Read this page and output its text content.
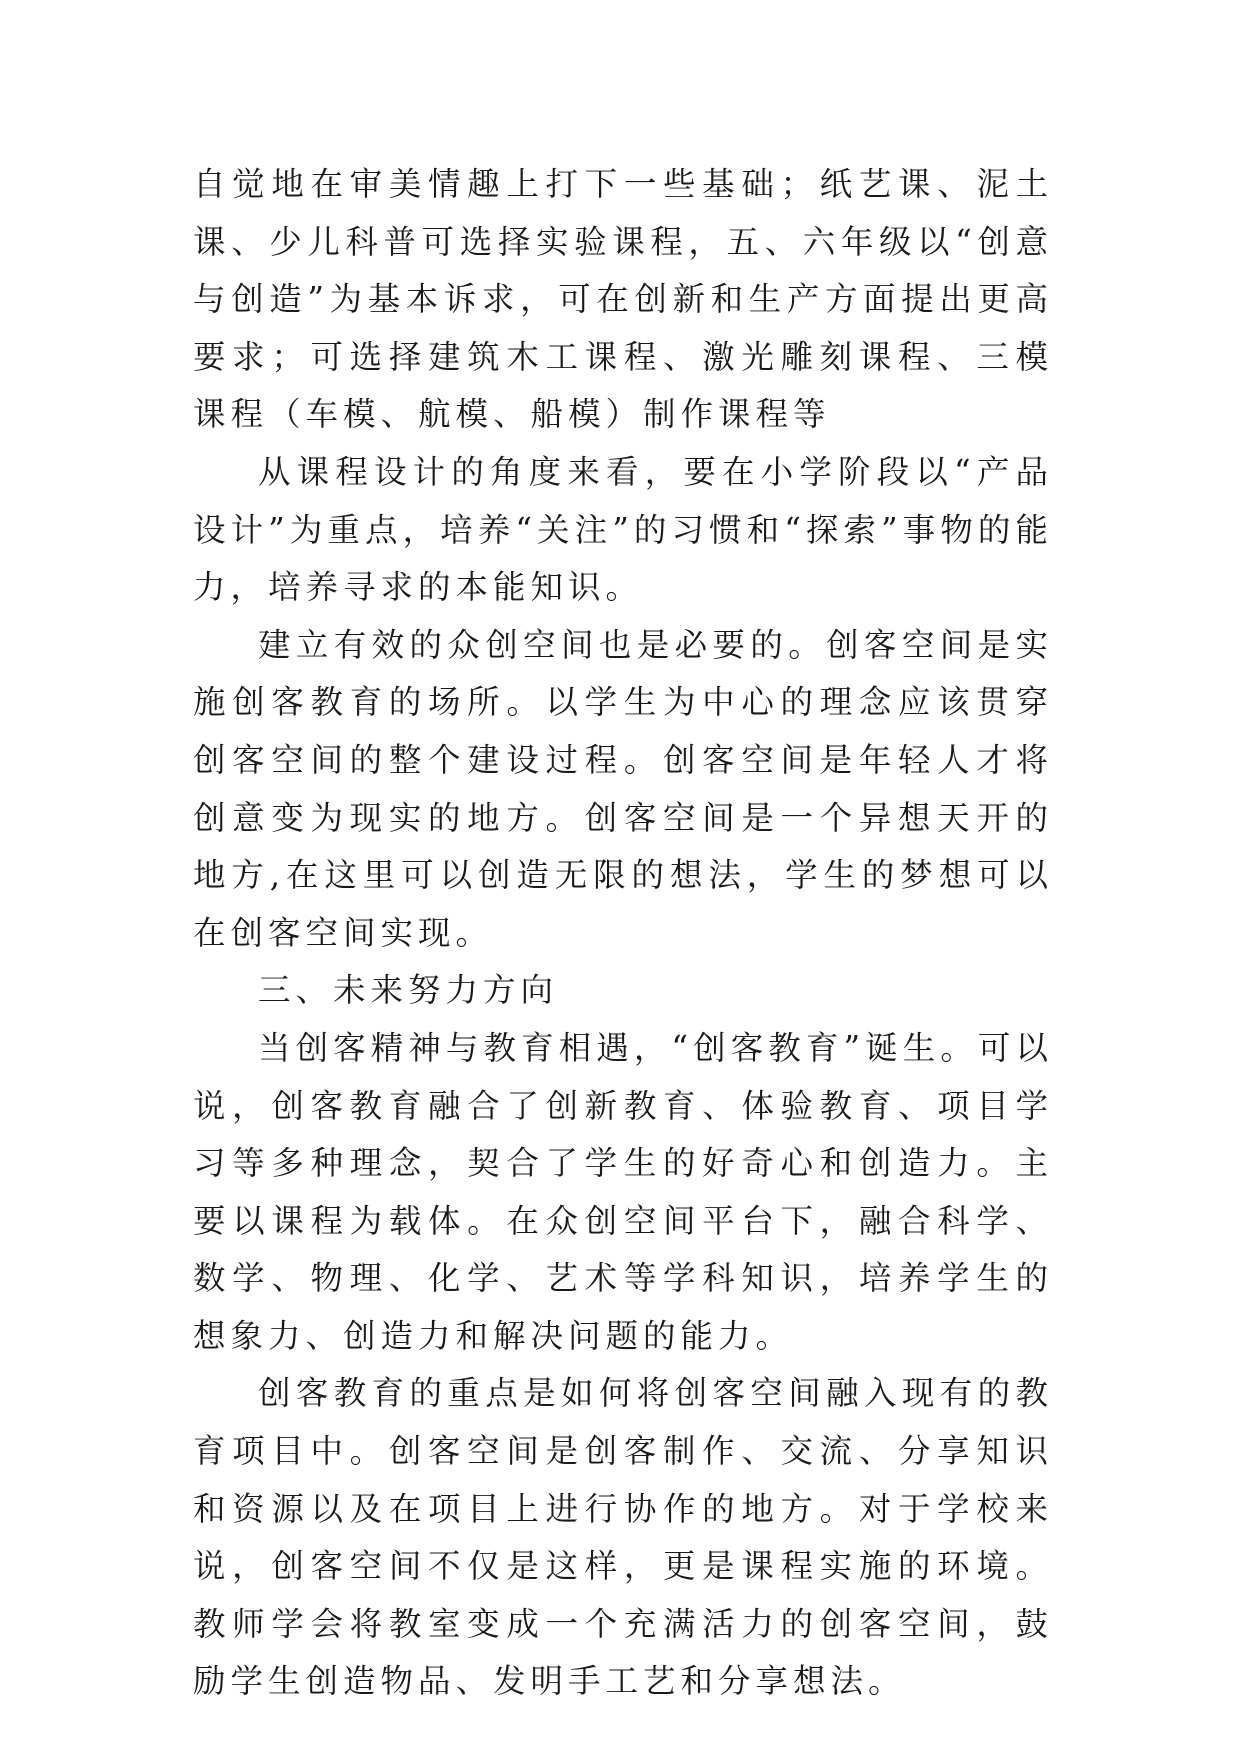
自觉地在审美情趣上打下一些基础；纸艺课、泥土课、少儿科普可选择实验课程，五、六年级以“创意与创造”为基本诉求，可在创新和生产方面提出更高要求；可选择建筑木工课程、激光雕刻课程、三模课程（车模、航模、船模）制作课程等

从课程设计的角度来看，要在小学阶段以“产品设计”为重点，培养“关注”的习惯和“探索”事物的能力，培养寻求的本能知识。

建立有效的众创空间也是必要的。创客空间是实施创客教育的场所。以学生为中心的理念应该贯穿创客空间的整个建设过程。创客空间是年轻人才将创意变为现实的地方。创客空间是一个异想天开的地方,在这里可以创造无限的想法，学生的梦想可以在创客空间实现。

三、未来努力方向

当创客精神与教育相遇，“创客教育”诞生。可以说，创客教育融合了创新教育、体验教育、项目学习等多种理念，契合了学生的好奇心和创造力。主要以课程为载体。在众创空间平台下，融合科学、数学、物理、化学、艺术等学科知识，培养学生的想象力、创造力和解决问题的能力。

创客教育的重点是如何将创客空间融入现有的教育项目中。创客空间是创客制作、交流、分享知识和资源以及在项目上进行协作的地方。对于学校来说，创客空间不仅是这样，更是课程实施的环境。教师学会将教室变成一个充满活力的创客空间，鼓励学生创造物品、发明手工艺和分享想法。
